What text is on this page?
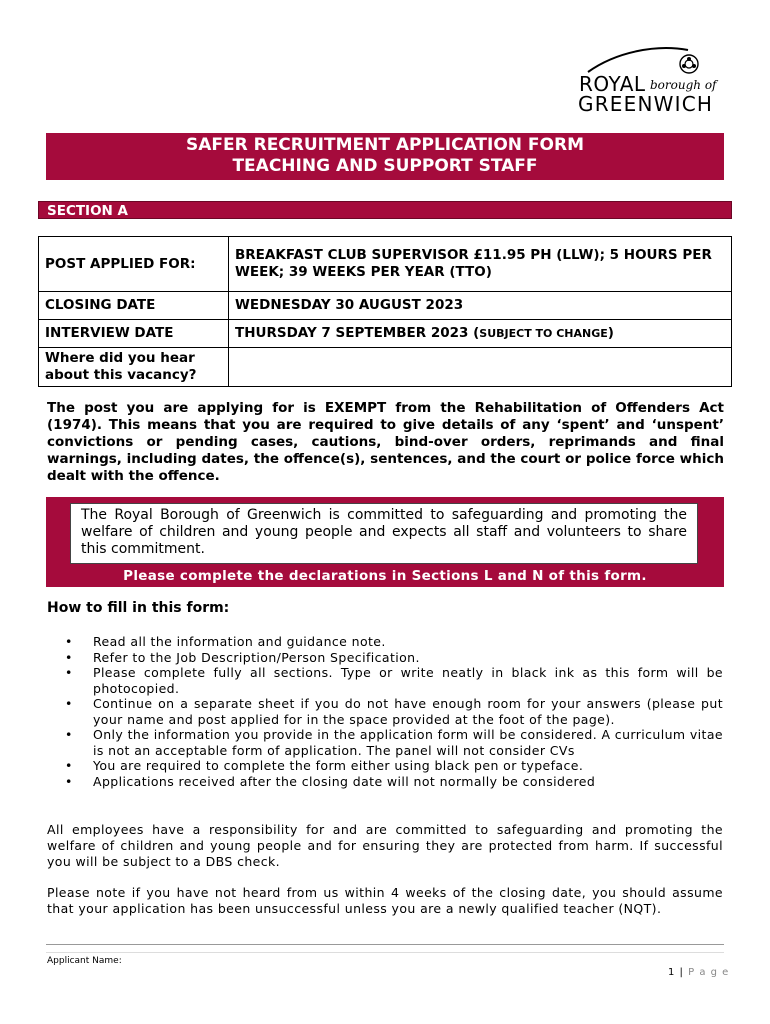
ROYAL borough of
GREENWICH
SAFER RECRUITMENT APPLICATION FORM
TEACHING AND SUPPORT STAFF
SECTION A
POST APPLIED FOR:	BREAKFAST CLUB SUPERVISOR £11.95 PH (LLW); 5 HOURS PER WEEK; 39 WEEKS PER YEAR (TTO)
CLOSING DATE	WEDNESDAY 30 AUGUST 2023
INTERVIEW DATE	THURSDAY 7 SEPTEMBER 2023 (SUBJECT TO CHANGE)
Where did you hear about this vacancy?	
The post you are applying for is EXEMPT from the Rehabilitation of Offenders Act (1974). This means that you are required to give details of any ‘spent’ and ‘unspent’ convictions or pending cases, cautions, bind-over orders, reprimands and final warnings, including dates, the offence(s), sentences, and the court or police force which dealt with the offence.
The Royal Borough of Greenwich is committed to safeguarding and promoting the welfare of children and young people and expects all staff and volunteers to share this commitment.
Please complete the declarations in Sections L and N of this form.
How to fill in this form:
• Read all the information and guidance note.
• Refer to the Job Description/Person Specification.
• Please complete fully all sections. Type or write neatly in black ink as this form will be photocopied.
• Continue on a separate sheet if you do not have enough room for your answers (please put your name and post applied for in the space provided at the foot of the page).
• Only the information you provide in the application form will be considered. A curriculum vitae is not an acceptable form of application. The panel will not consider CVs
• You are required to complete the form either using black pen or typeface.
• Applications received after the closing date will not normally be considered
All employees have a responsibility for and are committed to safeguarding and promoting the welfare of children and young people and for ensuring they are protected from harm. If successful you will be subject to a DBS check.
Please note if you have not heard from us within 4 weeks of the closing date, you should assume that your application has been unsuccessful unless you are a newly qualified teacher (NQT).
Applicant Name:
1 | P a g e
